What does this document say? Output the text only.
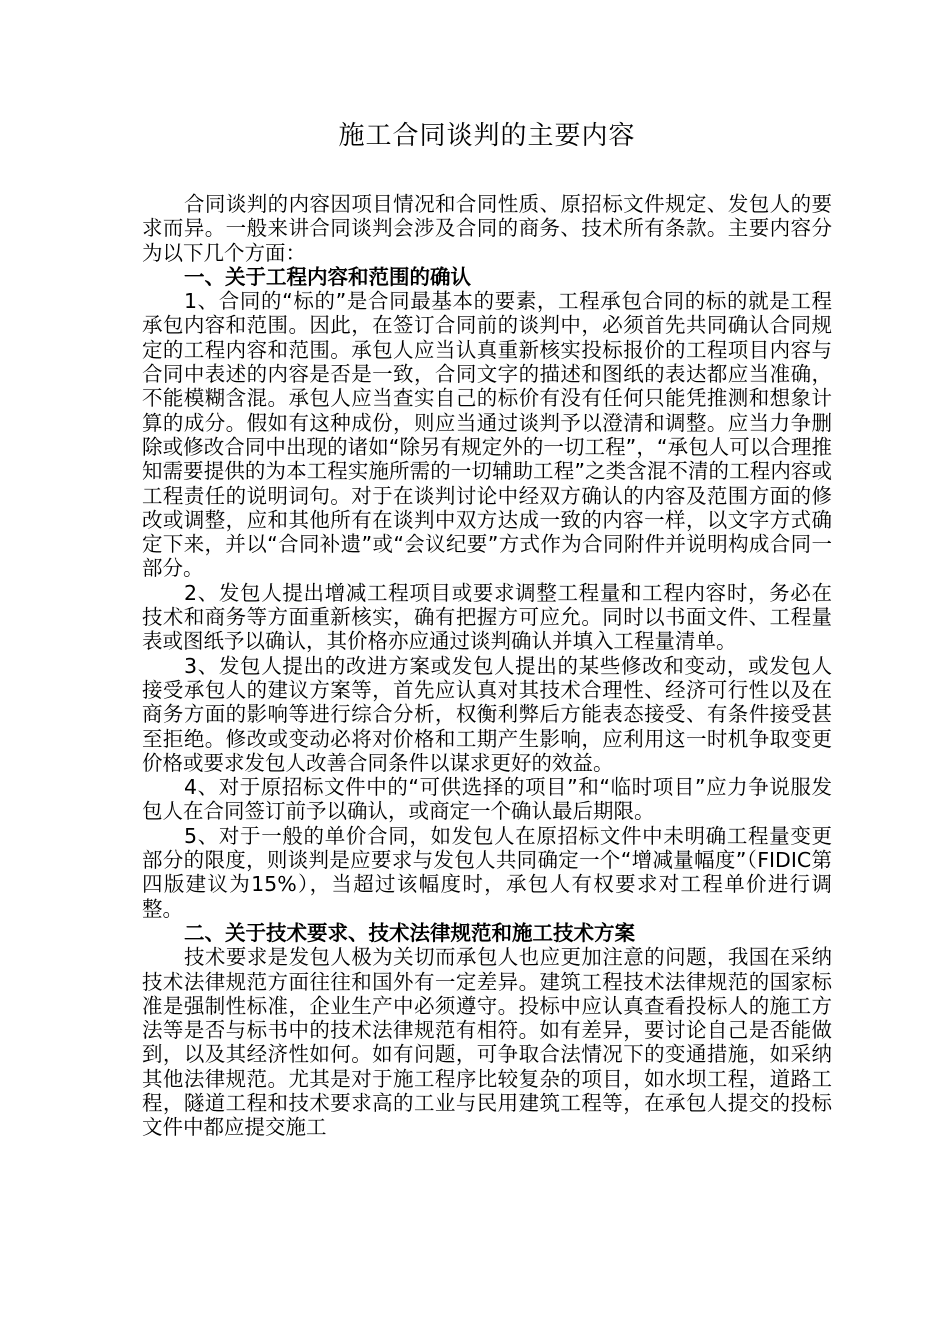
施工合同谈判的主要内容

合同谈判的内容因项目情况和合同性质、原招标文件规定、发包人的要求而异。一般来讲合同谈判会涉及合同的商务、技术所有条款。主要内容分为以下几个方面：

一、关于工程内容和范围的确认

1、合同的“标的”是合同最基本的要素，工程承包合同的标的就是工程承包内容和范围。因此，在签订合同前的谈判中，必须首先共同确认合同规定的工程内容和范围。承包人应当认真重新核实投标报价的工程项目内容与合同中表述的内容是否是一致，合同文字的描述和图纸的表达都应当准确，不能模糊含混。承包人应当查实自己的标价有没有任何只能凭推测和想象计算的成分。假如有这种成份，则应当通过谈判予以澄清和调整。应当力争删除或修改合同中出现的诸如“除另有规定外的一切工程”，“承包人可以合理推知需要提供的为本工程实施所需的一切辅助工程”之类含混不清的工程内容或工程责任的说明词句。对于在谈判讨论中经双方确认的内容及范围方面的修改或调整，应和其他所有在谈判中双方达成一致的内容一样，以文字方式确定下来，并以“合同补遗”或“会议纪要”方式作为合同附件并说明构成合同一部分。

2、发包人提出增减工程项目或要求调整工程量和工程内容时，务必在技术和商务等方面重新核实，确有把握方可应允。同时以书面文件、工程量表或图纸予以确认，其价格亦应通过谈判确认并填入工程量清单。

3、发包人提出的改进方案或发包人提出的某些修改和变动，或发包人接受承包人的建议方案等，首先应认真对其技术合理性、经济可行性以及在商务方面的影响等进行综合分析，权衡利弊后方能表态接受、有条件接受甚至拒绝。修改或变动必将对价格和工期产生影响，应利用这一时机争取变更价格或要求发包人改善合同条件以谋求更好的效益。

4、对于原招标文件中的“可供选择的项目”和“临时项目”应力争说服发包人在合同签订前予以确认，或商定一个确认最后期限。

5、对于一般的单价合同，如发包人在原招标文件中未明确工程量变更部分的限度，则谈判是应要求与发包人共同确定一个“增减量幅度”（FIDIC第四版建议为15%），当超过该幅度时，承包人有权要求对工程单价进行调整。

二、关于技术要求、技术法律规范和施工技术方案

技术要求是发包人极为关切而承包人也应更加注意的问题，我国在采纳技术法律规范方面往往和国外有一定差异。建筑工程技术法律规范的国家标准是强制性标准，企业生产中必须遵守。投标中应认真查看投标人的施工方法等是否与标书中的技术法律规范有相符。如有差异，要讨论自己是否能做到，以及其经济性如何。如有问题，可争取合法情况下的变通措施，如采纳其他法律规范。尤其是对于施工程序比较复杂的项目，如水坝工程，道路工程，隧道工程和技术要求高的工业与民用建筑工程等，在承包人提交的投标文件中都应提交施工
